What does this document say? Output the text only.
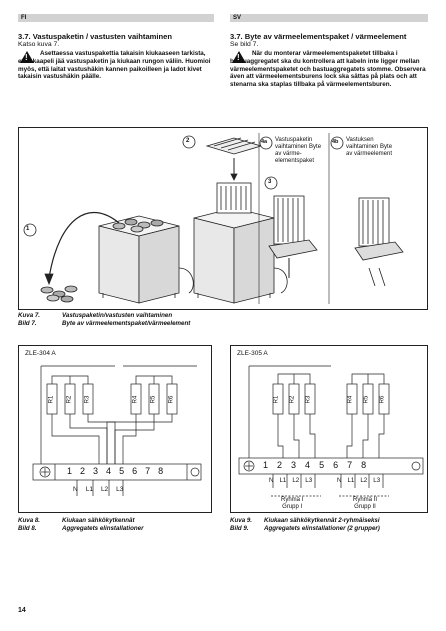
FI	SV
3.7. Vastuspaketin / vastusten vaihtaminen
Katso kuva 7.
!
Asettaessa vastuspakettia takaisin kiukaaseen tarkista, ettei kaapeli jää vastuspaketin ja kiukaan rungon väliin. Huomioi myös, että laitat vastushäkin kannen paikoilleen ja ladot kivet takaisin vastushäkin päälle.
3.7. Byte av värmeelementspaket / värmeelement
Se bild 7.
!
När du monterar värmeelementspaketet tillbaka i bastuaggregatet ska du kontrollera att kabeln inte ligger mellan värmeelementspaketet och bastuaggregatets stomme. Observera även att värmeelementsburens lock ska sättas på plats och att stenarna ska staplas tillbaka på värmeelementsburen.
1
2
3
4a	4b
Vastuspaketin vaihtaminen Byte av värme-elementspaket
Vastuksen vaihtaminen Byte av värmeelement
Kuva 7.	Vastuspaketin/vastusten vaihtaminen
Bild 7.	Byte av värmeelementspaket/värmeelement
ZLE-304 A
R1 R2 R3	R4 R5 R6
1 2 3 4 5 6 7 8
N L1 L2 L3
ZLE-305 A
R1 R2 R3	R4 R5 R6
1 2 3 4 5 6 7 8
N L1 L2 L3	N L1 L2 L3
Ryhmä I
Grupp I
Ryhmä II
Grupp II
Kuva 8.	Kiukaan sähkökytkennät
Bild 8.	Aggregatets elinstallationer
Kuva 9. Kiukaan sähkökytkennät 2-ryhmäiseksi
Bild 9. Aggregatets elinstallationer (2 grupper)
14
